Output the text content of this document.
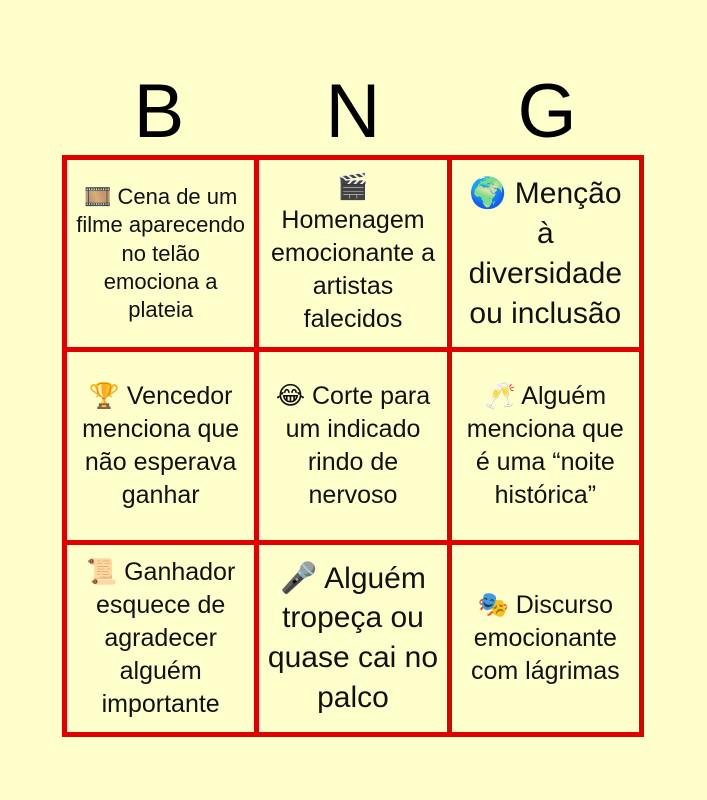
B	N	G
🎞️ Cena de um filme aparecendo no telão emociona a plateia
🎬 Homenagem emocionante a artistas falecidos
🌍 Menção à diversidade ou inclusão
🏆 Vencedor menciona que não esperava ganhar
😂 Corte para um indicado rindo de nervoso
🥂 Alguém menciona que é uma “noite histórica”
📜 Ganhador esquece de agradecer alguém importante
🎤 Alguém tropeça ou quase cai no palco
🎭 Discurso emocionante com lágrimas
